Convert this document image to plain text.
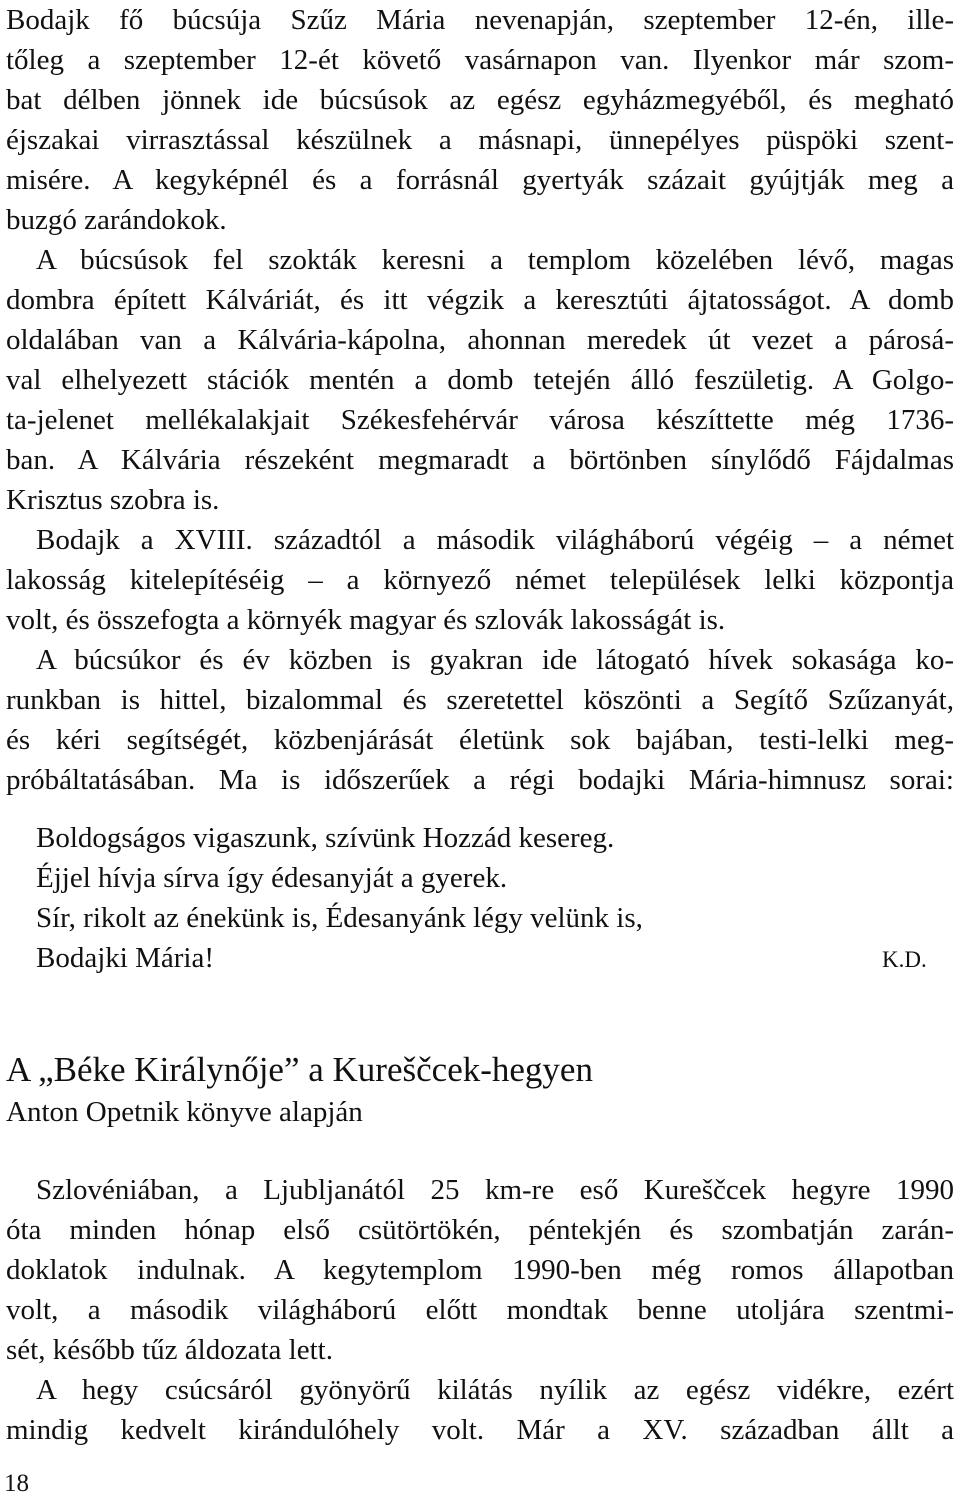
Bodajk fő búcsúja Szűz Mária nevenapján, szeptember 12-én, ille-
tőleg a szeptember 12-ét követő vasárnapon van. Ilyenkor már szom-
bat délben jönnek ide búcsúsok az egész egyházmegyéből, és megható
éjszakai virrasztással készülnek a másnapi, ünnepélyes püspöki szent-
misére. A kegyképnél és a forrásnál gyertyák százait gyújtják meg a
buzgó zarándokok.
A búcsúsok fel szokták keresni a templom közelében lévő, magas
dombra épített Kálváriát, és itt végzik a keresztúti ájtatosságot. A domb
oldalában van a Kálvária-kápolna, ahonnan meredek út vezet a párosá-
val elhelyezett stációk mentén a domb tetején álló feszületig. A Golgo-
ta-jelenet mellékalakjait Székesfehérvár városa készíttette még 1736-
ban. A Kálvária részeként megmaradt a börtönben sínylődő Fájdalmas
Krisztus szobra is.
Bodajk a XVIII. századtól a második világháború végéig – a német
lakosság kitelepítéséig – a környező német települések lelki központja
volt, és összefogta a környék magyar és szlovák lakosságát is.
A búcsúkor és év közben is gyakran ide látogató hívek sokasága ko-
runkban is hittel, bizalommal és szeretettel köszönti a Segítő Szűzanyát,
és kéri segítségét, közbenjárását életünk sok bajában, testi-lelki meg-
próbáltatásában. Ma is időszerűek a régi bodajki Mária-himnusz sorai:
Boldogságos vigaszunk, szívünk Hozzád kesereg.
Éjjel hívja sírva így édesanyját a gyerek.
Sír, rikolt az énekünk is, Édesanyánk légy velünk is,
Bodajki Mária!	K.D.
A „Béke Királynője” a Kureščcek-hegyen
Anton Opetnik könyve alapján
Szlovéniában, a Ljubljanától 25 km-re eső Kureščcek hegyre 1990
óta minden hónap első csütörtökén, péntekjén és szombatján zarán-
doklatok indulnak. A kegytemplom 1990-ben még romos állapotban
volt, a második világháború előtt mondtak benne utoljára szentmi-
sét, később tűz áldozata lett.
A hegy csúcsáról gyönyörű kilátás nyílik az egész vidékre, ezért
mindig kedvelt kirándulóhely volt. Már a XV. században állt a
18
